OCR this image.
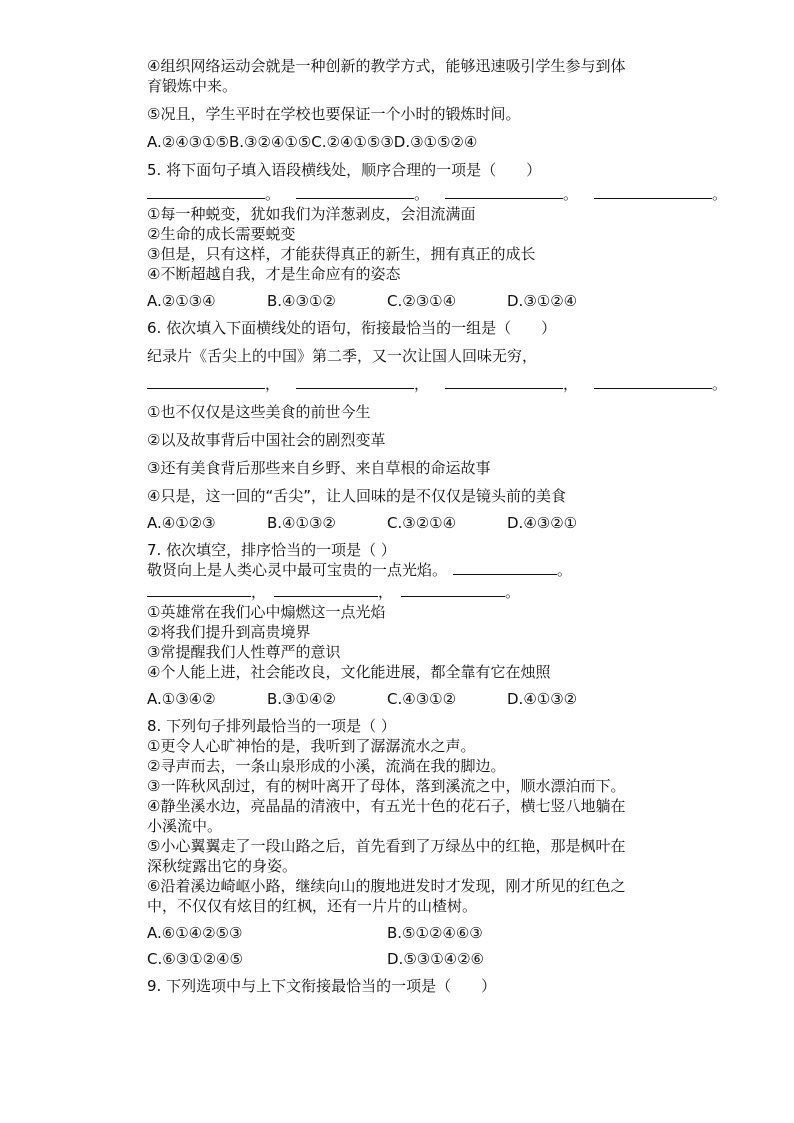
④组织网络运动会就是一种创新的教学方式，能够迅速吸引学生参与到体
育锻炼中来。
⑤况且，学生平时在学校也要保证一个小时的锻炼时间。
A.②④③①⑤B.③②④①⑤C.②④①⑤③D.③①⑤②④
5. 将下面句子填入语段横线处，顺序合理的一项是（　　）
。	。	。	。
①每一种蜕变，犹如我们为洋葱剥皮，会泪流满面
②生命的成长需要蜕变
③但是，只有这样，才能获得真正的新生，拥有真正的成长
④不断超越自我，才是生命应有的姿态
A.②①③④	B.④③①②	C.②③①④	D.③①②④
6. 依次填入下面横线处的语句，衔接最恰当的一组是（　　）
纪录片《舌尖上的中国》第二季，又一次让国人回味无穷，
，	，	，	。
①也不仅仅是这些美食的前世今生
②以及故事背后中国社会的剧烈变革
③还有美食背后那些来自乡野、来自草根的命运故事
④只是，这一回的“舌尖”，让人回味的是不仅仅是镜头前的美食
A.④①②③	B.④①③②	C.③②①④	D.④③②①
7. 依次填空，排序恰当的一项是（ ）
敬贤向上是人类心灵中最可宝贵的一点光焰。	。
，	，	。
①英雄常在我们心中煽燃这一点光焰
②将我们提升到高贵境界
③常提醒我们人性尊严的意识
④个人能上进，社会能改良，文化能进展，都全靠有它在烛照
A.①③④②	B.③①④②	C.④③①②	D.④①③②
8. 下列句子排列最恰当的一项是（ ）
①更令人心旷神怡的是，我听到了潺潺流水之声。
②寻声而去，一条山泉形成的小溪，流淌在我的脚边。
③一阵秋风刮过，有的树叶离开了母体，落到溪流之中，顺水漂泊而下。
④静坐溪水边，亮晶晶的清液中，有五光十色的花石子，横七竖八地躺在
小溪流中。
⑤小心翼翼走了一段山路之后，首先看到了万绿丛中的红艳，那是枫叶在
深秋绽露出它的身姿。
⑥沿着溪边崎岖小路，继续向山的腹地进发时才发现，刚才所见的红色之
中，不仅仅有炫目的红枫，还有一片片的山楂树。
A.⑥①④②⑤③	B.⑤①②④⑥③
C.⑥③①②④⑤	D.⑤③①④②⑥
9. 下列选项中与上下文衔接最恰当的一项是（　　）
